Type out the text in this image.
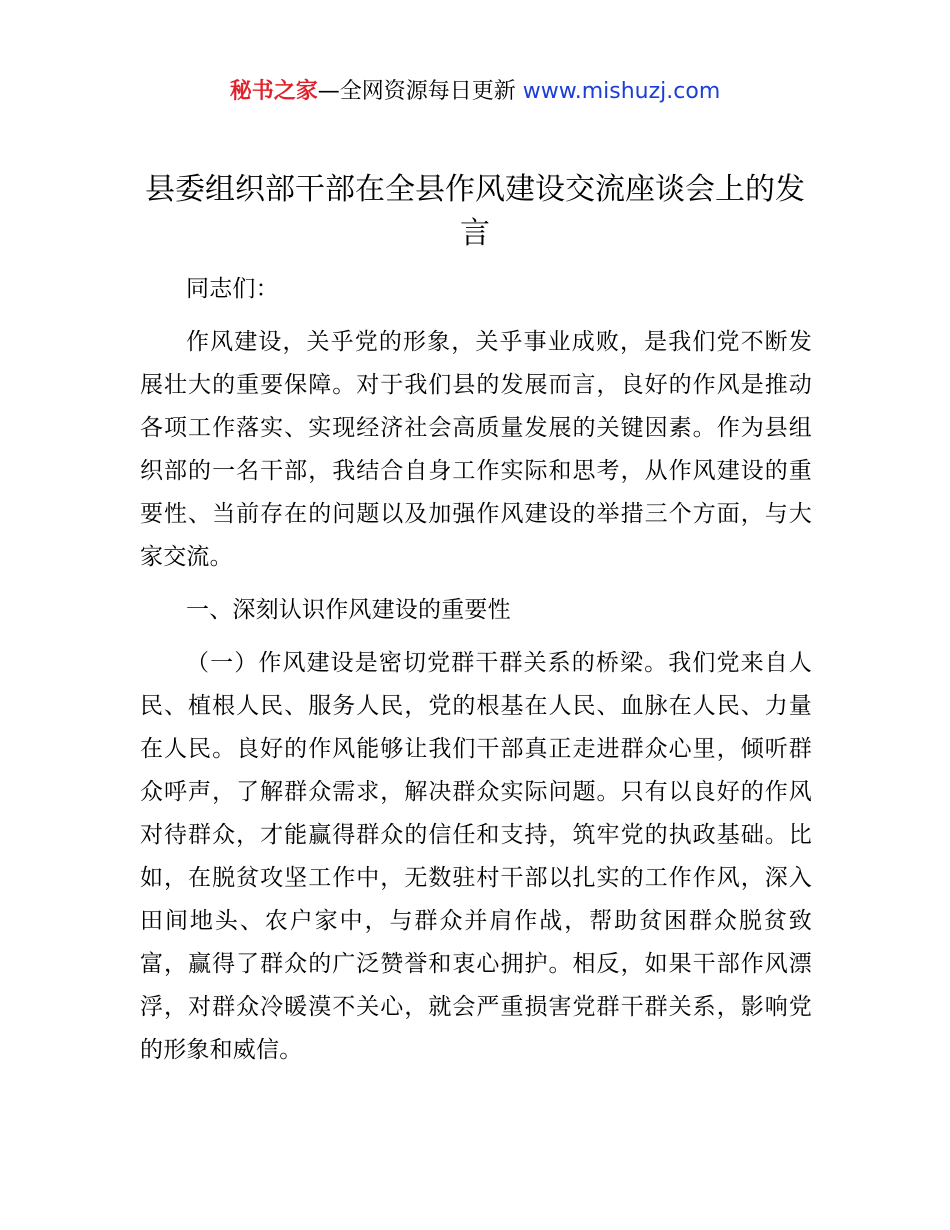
秘书之家—全网资源每日更新 www.mishuzj.com
县委组织部干部在全县作风建设交流座谈会上的发言

同志们：

作风建设，关乎党的形象，关乎事业成败，是我们党不断发展壮大的重要保障。对于我们县的发展而言，良好的作风是推动各项工作落实、实现经济社会高质量发展的关键因素。作为县组织部的一名干部，我结合自身工作实际和思考，从作风建设的重要性、当前存在的问题以及加强作风建设的举措三个方面，与大家交流。

一、深刻认识作风建设的重要性

（一）作风建设是密切党群干群关系的桥梁。我们党来自人民、植根人民、服务人民，党的根基在人民、血脉在人民、力量在人民。良好的作风能够让我们干部真正走进群众心里，倾听群众呼声，了解群众需求，解决群众实际问题。只有以良好的作风对待群众，才能赢得群众的信任和支持，筑牢党的执政基础。比如，在脱贫攻坚工作中，无数驻村干部以扎实的工作作风，深入田间地头、农户家中，与群众并肩作战，帮助贫困群众脱贫致富，赢得了群众的广泛赞誉和衷心拥护。相反，如果干部作风漂浮，对群众冷暖漠不关心，就会严重损害党群干群关系，影响党的形象和威信。
